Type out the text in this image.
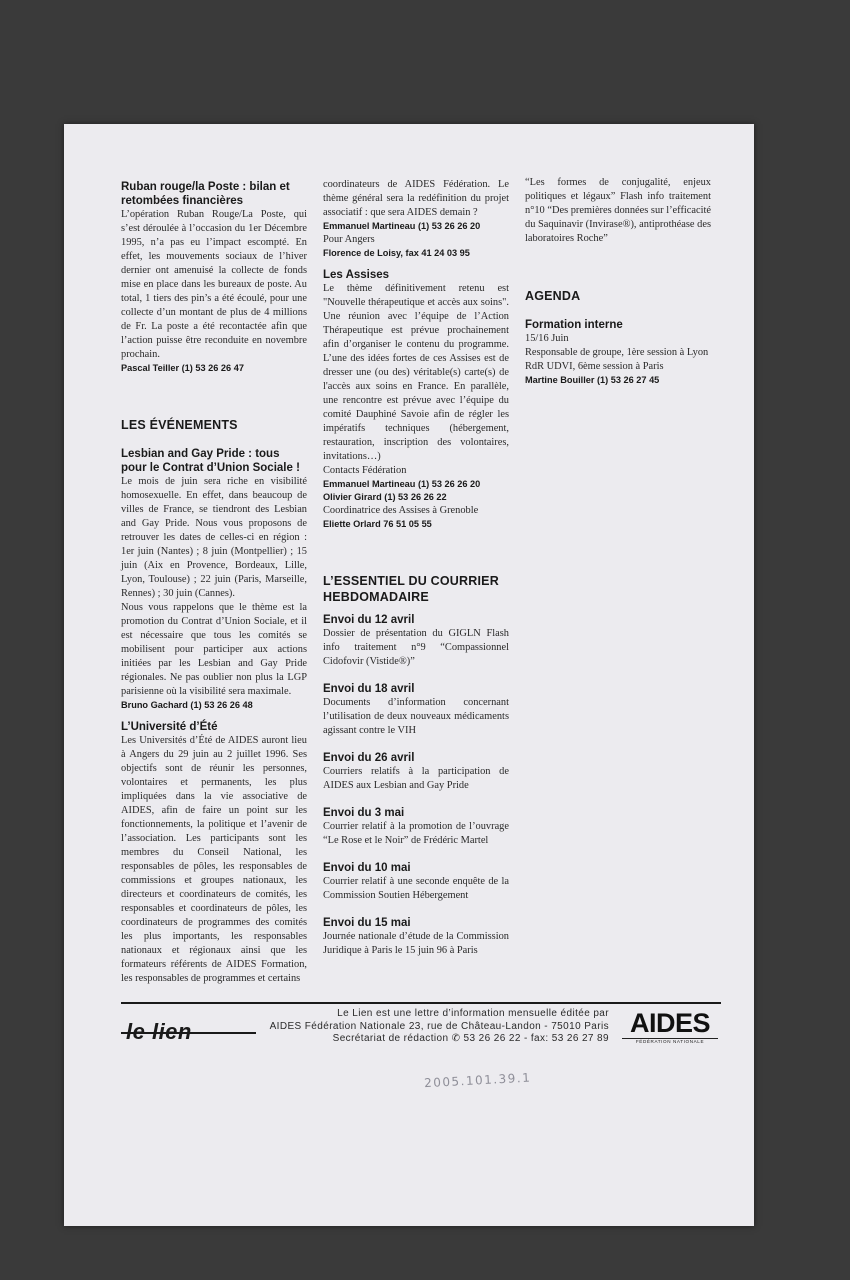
Ruban rouge/la Poste : bilan et retombées financières
L’opération Ruban Rouge/La Poste, qui s’est déroulée à l’occasion du 1er Décembre 1995, n’a pas eu l’impact escompté. En effet, les mouvements sociaux de l’hiver dernier ont amenuisé la collecte de fonds mise en place dans les bureaux de poste. Au total, 1 tiers des pin’s a été écoulé, pour une collecte d’un montant de plus de 4 millions de Fr. La poste a été recontactée afin que l’action puisse être reconduite en novembre prochain.
Pascal Teiller (1) 53 26 26 47
LES ÉVÉNEMENTS
Lesbian and Gay Pride : tous pour le Contrat d’Union Sociale !
Le mois de juin sera riche en visibilité homosexuelle. En effet, dans beaucoup de villes de France, se tiendront des Lesbian and Gay Pride. Nous vous proposons de retrouver les dates de celles-ci en région : 1er juin (Nantes) ; 8 juin (Montpellier) ; 15 juin (Aix en Provence, Bordeaux, Lille, Lyon, Toulouse) ; 22 juin (Paris, Marseille, Rennes) ; 30 juin (Cannes).
Nous vous rappelons que le thème est la promotion du Contrat d’Union Sociale, et il est nécessaire que tous les comités se mobilisent pour participer aux actions initiées par les Lesbian and Gay Pride régionales. Ne pas oublier non plus la LGP parisienne où la visibilité sera maximale.
Bruno Gachard (1) 53 26 26 48
L’Université d’Été
Les Universités d’Été de AIDES auront lieu à Angers du 29 juin au 2 juillet 1996. Ses objectifs sont de réunir les personnes, volontaires et permanents, les plus impliquées dans la vie associative de AIDES, afin de faire un point sur les fonctionnements, la politique et l’avenir de l’association. Les participants sont les membres du Conseil National, les responsables de pôles, les responsables de commissions et groupes nationaux, les directeurs et coordinateurs de comités, les responsables et coordinateurs de pôles, les coordinateurs de programmes des comités les plus importants, les responsables nationaux et régionaux ainsi que les formateurs référents de AIDES Formation, les responsables de programmes et certains
coordinateurs de AIDES Fédération. Le thème général sera la redéfinition du projet associatif : que sera AIDES demain ?
Emmanuel Martineau (1) 53 26 26 20
Pour Angers
Florence de Loisy, fax 41 24 03 95
Les Assises
Le thème définitivement retenu est "Nouvelle thérapeutique et accès aux soins". Une réunion avec l’équipe de l’Action Thérapeutique est prévue prochainement afin d’organiser le contenu du programme. L’une des idées fortes de ces Assises est de dresser une (ou des) véritable(s) carte(s) de l'accès aux soins en France. En parallèle, une rencontre est prévue avec l’équipe du comité Dauphiné Savoie afin de régler les impératifs techniques (hébergement, restauration, inscription des volontaires, invitations…)
Contacts Fédération
Emmanuel Martineau (1) 53 26 26 20
Olivier Girard (1) 53 26 26 22
Coordinatrice des Assises à Grenoble
Eliette Orlard 76 51 05 55
L’ESSENTIEL DU COURRIER HEBDOMADAIRE
Envoi du 12 avril
Dossier de présentation du GIGLN Flash info traitement n°9 “Compassionnel Cidofovir (Vistide®)”
Envoi du 18 avril
Documents d’information concernant l’utilisation de deux nouveaux médicaments agissant contre le VIH
Envoi du 26 avril
Courriers relatifs à la participation de AIDES aux Lesbian and Gay Pride
Envoi du 3 mai
Courrier relatif à la promotion de l’ouvrage “Le Rose et le Noir” de Frédéric Martel
Envoi du 10 mai
Courrier relatif à une seconde enquête de la Commission Soutien Hébergement
Envoi du 15 mai
Journée nationale d’étude de la Commission Juridique à Paris le 15 juin 96 à Paris
“Les formes de conjugalité, enjeux politiques et légaux” Flash info traitement n°10 “Des premières données sur l’efficacité du Saquinavir (Invirase®), antiprothéase des laboratoires Roche”
AGENDA
Formation interne
15/16 Juin
Responsable de groupe, 1ère session à Lyon
RdR UDVI, 6ème session à Paris
Martine Bouiller (1) 53 26 27 45
le lien
Le Lien est une lettre d’information mensuelle éditée par
AIDES Fédération Nationale 23, rue de Château-Landon - 75010 Paris
Secrétariat de rédaction ✆ 53 26 26 22 - fax: 53 26 27 89
AIDES
FÉDÉRATION NATIONALE
2005.101.39.1
